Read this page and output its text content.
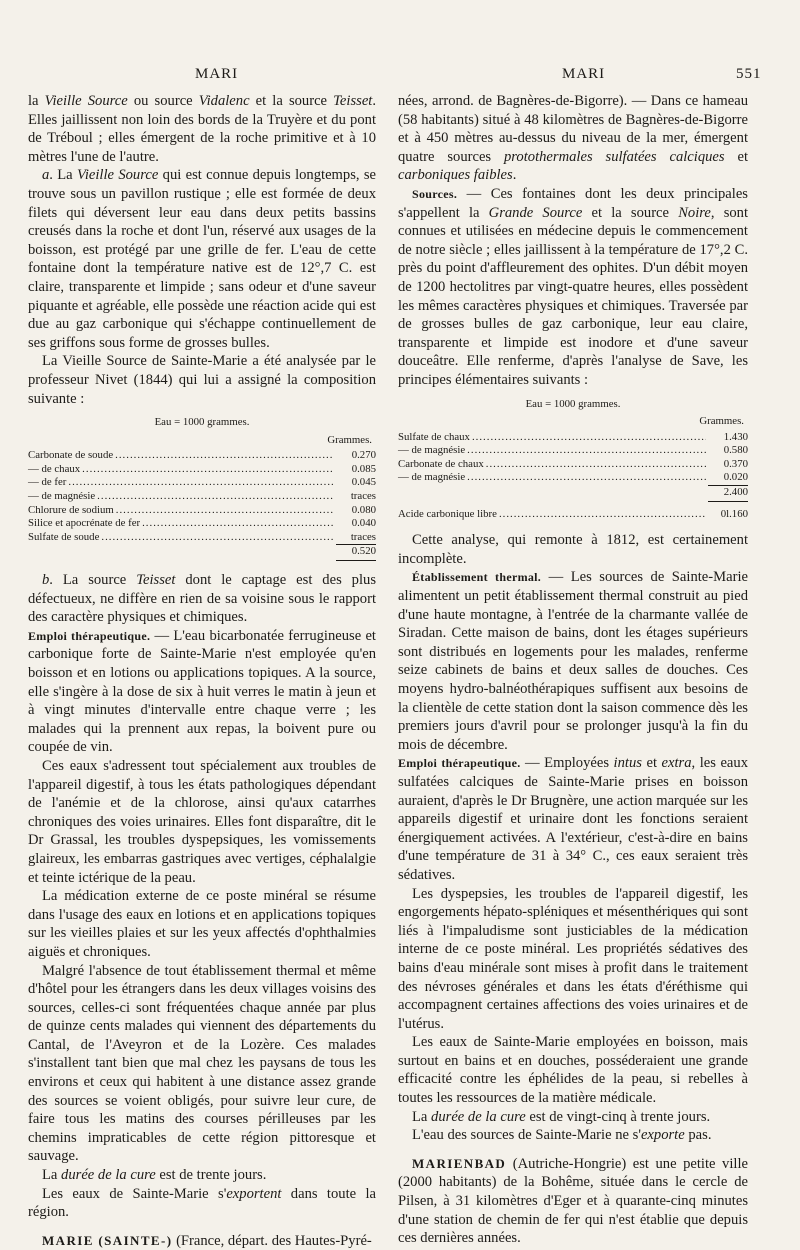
MARI	MARI	551

la Vieille Source ou source Vidalenc et la source Teisset. Elles jaillissent non loin des bords de la Truyère et du pont de Tréboul ; elles émergent de la roche primitive et à 10 mètres l'une de l'autre.

a. La Vieille Source qui est connue depuis longtemps, se trouve sous un pavillon rustique ; elle est formée de deux filets qui déversent leur eau dans deux petits bassins creusés dans la roche et dont l'un, réservé aux usages de la boisson, est protégé par une grille de fer. L'eau de cette fontaine dont la température native est de 12°,7 C. est claire, transparente et limpide ; sans odeur et d'une saveur piquante et agréable, elle possède une réaction acide qui est due au gaz carbonique qui s'échappe continuellement de ses griffons sous forme de grosses bulles.

La Vieille Source de Sainte-Marie a été analysée par le professeur Nivet (1844) qui lui a assigné la composition suivante :

Eau = 1000 grammes.
Grammes.
Carbonate de soude .....	0.270
— de chaux .....	0.085
— de fer .....	0.045
— de magnésie .....	traces
Chlorure de sodium .....	0.080
Silice et apocrénate de fer .....	0.040
Sulfate de soude .....	traces
0.520

b. La source Teisset dont le captage est des plus défectueux, ne diffère en rien de sa voisine sous le rapport des caractère physiques et chimiques.

Emploi thérapeutique. — L'eau bicarbonatée ferrugineuse et carbonique forte de Sainte-Marie n'est employée qu'en boisson et en lotions ou applications topiques. A la source, elle s'ingère à la dose de six à huit verres le matin à jeun et à vingt minutes d'intervalle entre chaque verre ; les malades qui la prennent aux repas, la boivent pure ou coupée de vin.

Ces eaux s'adressent tout spécialement aux troubles de l'appareil digestif, à tous les états pathologiques dépendant de l'anémie et de la chlorose, ainsi qu'aux catarrhes chroniques des voies urinaires. Elles font disparaître, dit le Dr Grassal, les troubles dyspepsiques, les vomissements glaireux, les embarras gastriques avec vertiges, céphalalgie et teinte ictérique de la peau.

La médication externe de ce poste minéral se résume dans l'usage des eaux en lotions et en applications topiques sur les vieilles plaies et sur les yeux affectés d'ophthalmies aiguës et chroniques.

Malgré l'absence de tout établissement thermal et même d'hôtel pour les étrangers dans les deux villages voisins des sources, celles-ci sont fréquentées chaque année par plus de quinze cents malades qui viennent des départements du Cantal, de l'Aveyron et de la Lozère. Ces malades s'installent tant bien que mal chez les paysans de tous les environs et ceux qui habitent à une distance assez grande des sources se voient obligés, pour suivre leur cure, de faire tous les matins des courses périlleuses par les chemins impraticables de cette région pittoresque et sauvage.

La durée de la cure est de trente jours.

Les eaux de Sainte-Marie s'exportent dans toute la région.

MARIE (SAINTE-) (France, départ. des Hautes-Pyré-

nées, arrond. de Bagnères-de-Bigorre). — Dans ce hameau (58 habitants) situé à 48 kilomètres de Bagnères-de-Bigorre et à 450 mètres au-dessus du niveau de la mer, émergent quatre sources protothermales sulfatées calciques et carboniques faibles.

Sources. — Ces fontaines dont les deux principales s'appellent la Grande Source et la source Noire, sont connues et utilisées en médecine depuis le commencement de notre siècle ; elles jaillissent à la température de 17°,2 C. près du point d'affleurement des ophites. D'un débit moyen de 1200 hectolitres par vingt-quatre heures, elles possèdent les mêmes caractères physiques et chimiques. Traversée par de grosses bulles de gaz carbonique, leur eau claire, transparente et limpide est inodore et d'une saveur douceâtre. Elle renferme, d'après l'analyse de Save, les principes élémentaires suivants :

Eau = 1000 grammes.
Grammes.
Sulfate de chaux .....	1.430
— de magnésie .....	0.580
Carbonate de chaux .....	0.370
— de magnésie .....	0.020
2.400
Acide carbonique libre .....	0l.160

Cette analyse, qui remonte à 1812, est certainement incomplète.

Établissement thermal. — Les sources de Sainte-Marie alimentent un petit établissement thermal construit au pied d'une haute montagne, à l'entrée de la charmante vallée de Siradan. Cette maison de bains, dont les étages supérieurs sont distribués en logements pour les malades, renferme seize cabinets de bains et deux salles de douches. Ces moyens hydro-balnéothérapiques suffisent aux besoins de la clientèle de cette station dont la saison commence dès les premiers jours d'avril pour se prolonger jusqu'à la fin du mois de décembre.

Emploi thérapeutique. — Employées intus et extra, les eaux sulfatées calciques de Sainte-Marie prises en boisson auraient, d'après le Dr Brugnère, une action marquée sur les appareils digestif et urinaire dont les fonctions seraient énergiquement activées. A l'extérieur, c'est-à-dire en bains d'une température de 31 à 34° C., ces eaux seraient très sédatives.

Les dyspepsies, les troubles de l'appareil digestif, les engorgements hépato-spléniques et mésenthériques qui sont liés à l'impaludisme sont justiciables de la médication interne de ce poste minéral. Les propriétés sédatives des bains d'eau minérale sont mises à profit dans le traitement des névroses générales et dans les états d'éréthisme qui accompagnent certaines affections des voies urinaires et de l'utérus.

Les eaux de Sainte-Marie employées en boisson, mais surtout en bains et en douches, posséderaient une grande efficacité contre les éphélides de la peau, si rebelles à toutes les ressources de la matière médicale.

La durée de la cure est de vingt-cinq à trente jours.

L'eau des sources de Sainte-Marie ne s'exporte pas.

MARIENBAD (Autriche-Hongrie) est une petite ville (2000 habitants) de la Bohême, située dans le cercle de Pilsen, à 31 kilomètres d'Eger et à quarante-cinq minutes d'une station de chemin de fer qui n'est établie que depuis ces dernières années.
